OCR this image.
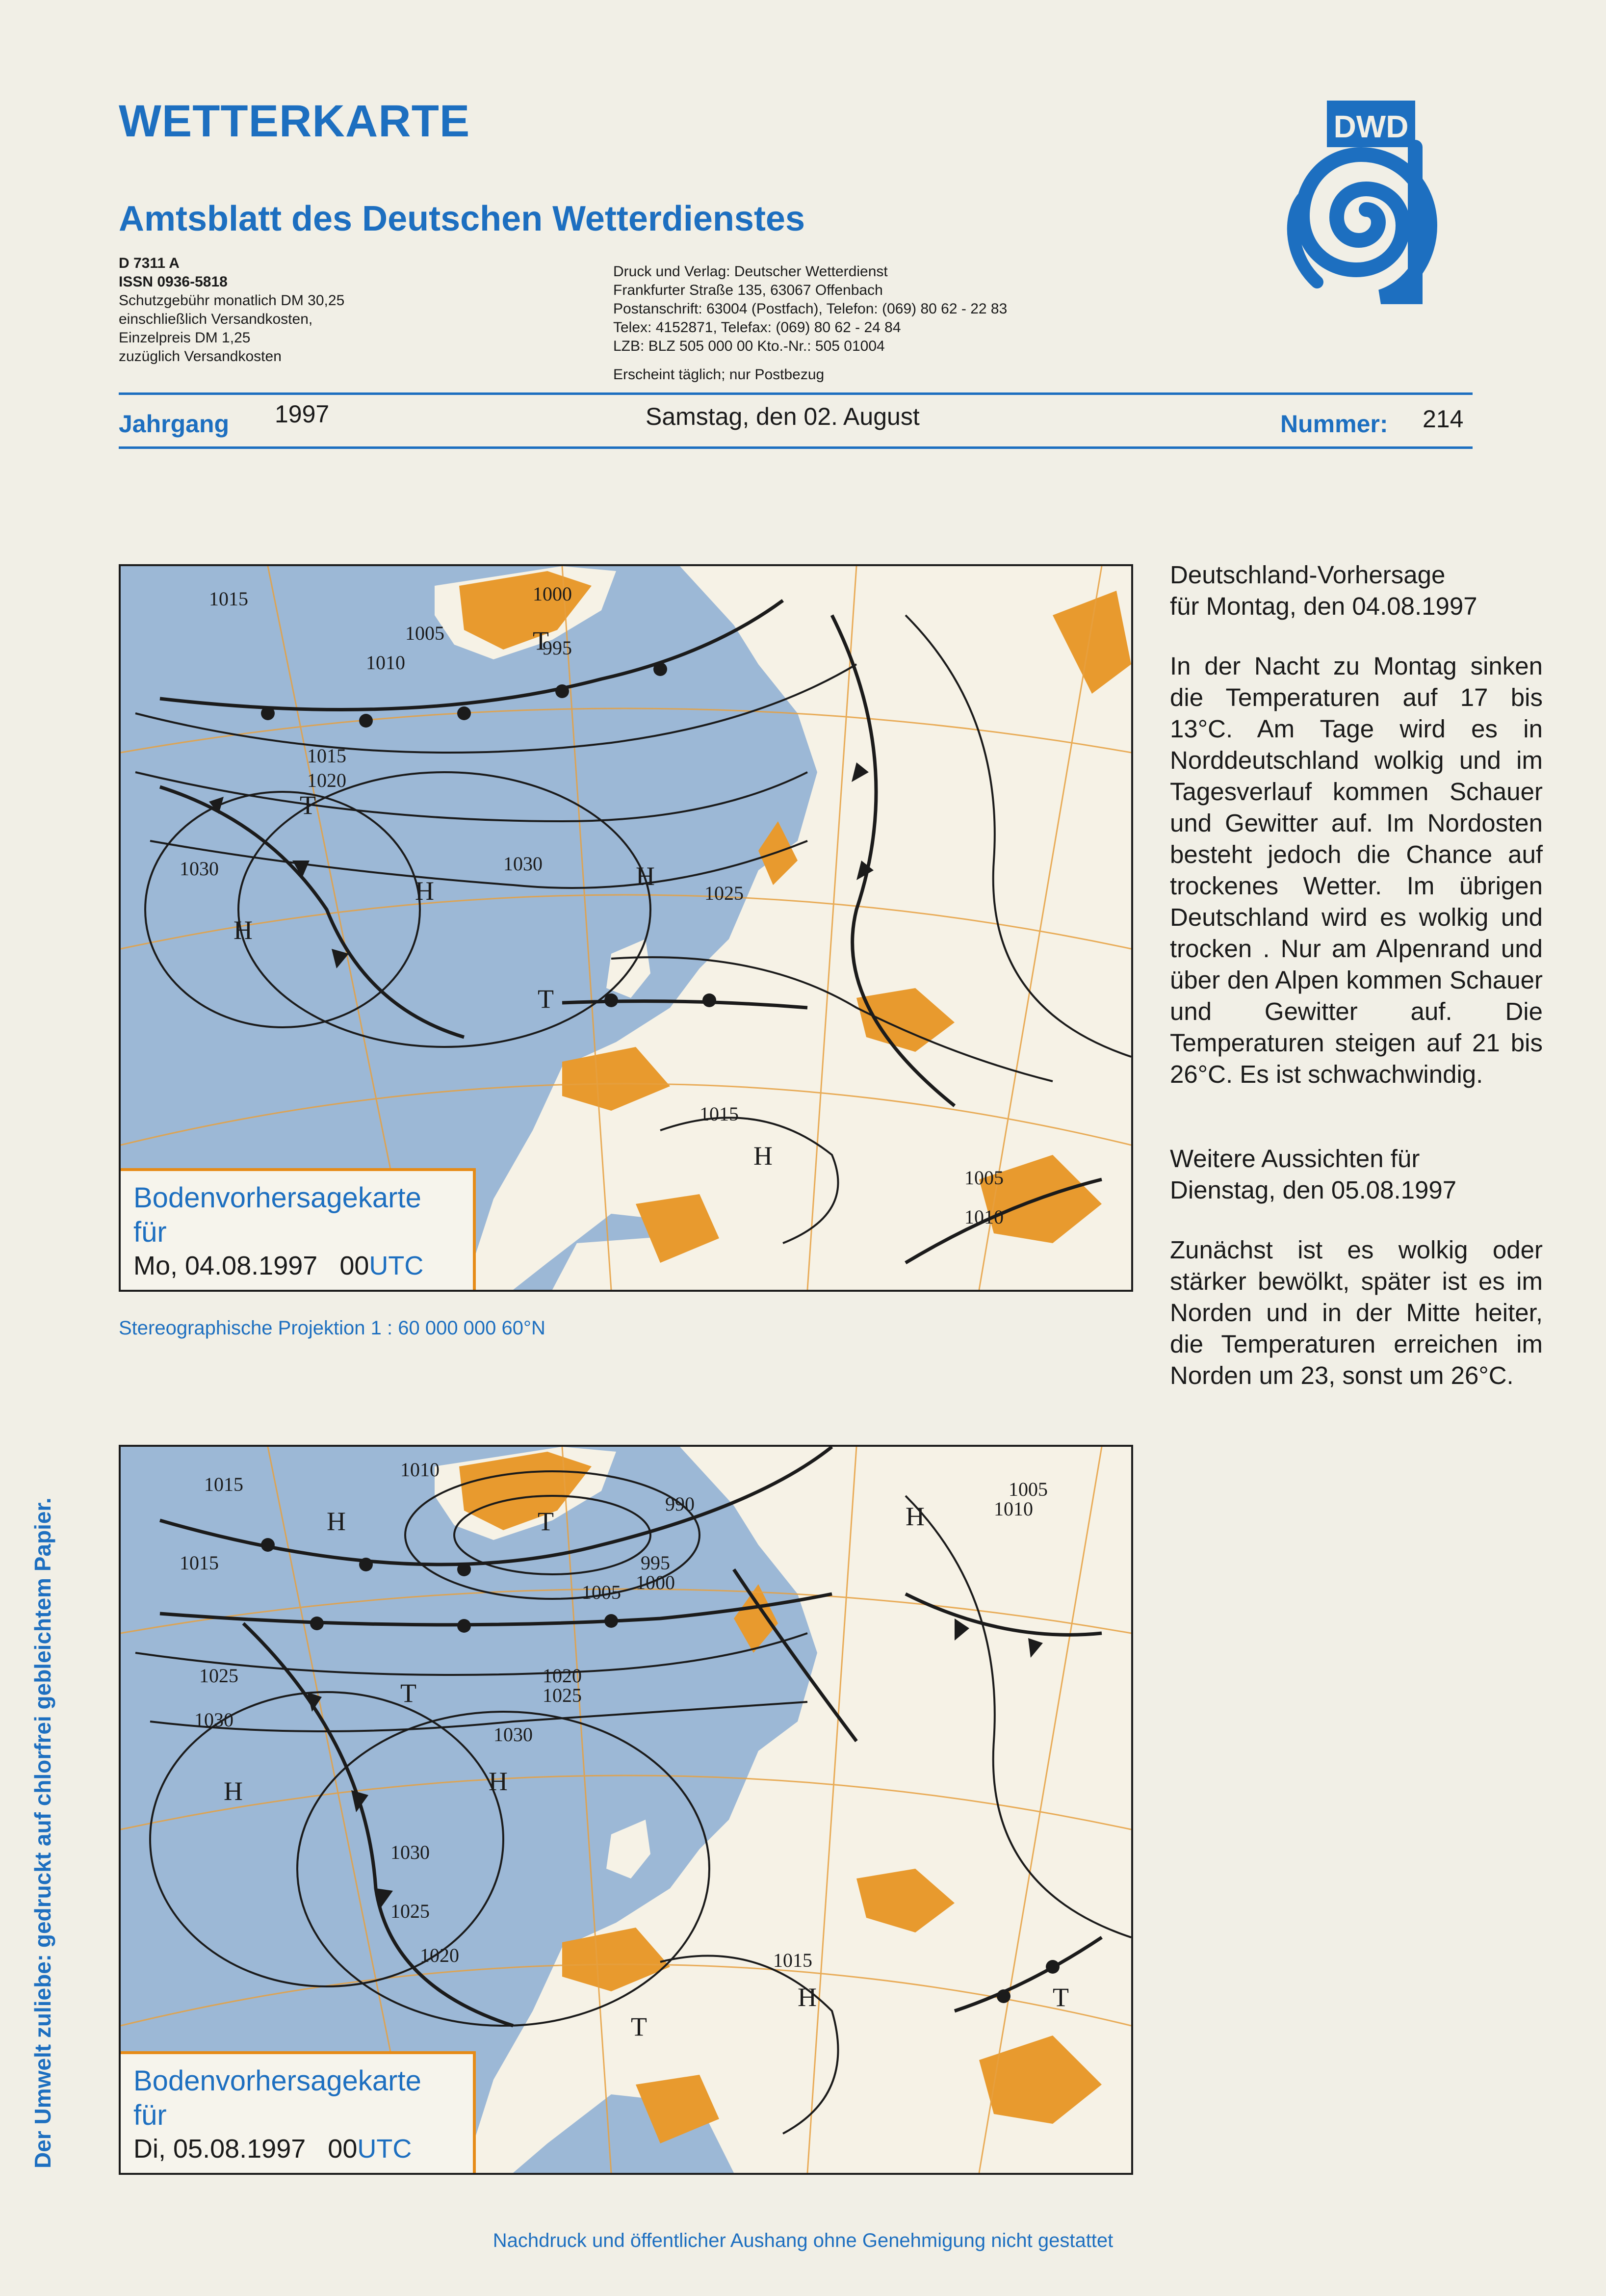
WETTERKARTE
Amtsblatt des Deutschen Wetterdienstes
D 7311 A
ISSN 0936-5818
Schutzgebühr monatlich DM 30,25
einschließlich Versandkosten,
Einzelpreis DM 1,25
zuzüglich Versandkosten
Druck und Verlag: Deutscher Wetterdienst
Frankfurter Straße 135, 63067 Offenbach
Postanschrift: 63004 (Postfach), Telefon: (069) 80 62 - 22 83
Telex: 4152871, Telefax: (069) 80 62 - 24 84
LZB: BLZ 505 000 00 Kto.-Nr.: 505 01004
Erscheint täglich; nur Postbezug
DWD
Jahrgang 1997	Samstag, den 02. August	Nummer: 214
1000
995
1005
1010
1015
1015
1020
1025
1030
1030
1015
1005
1010
H
H	H
H
T
T
T
Bodenvorhersagekarte für
Mo, 04.08.1997 00UTC
Stereographische Projektion 1 : 60 000 000 60°N
1010
990
995
1000
1005
1015
1015
1025
1030
1020
1025
1030
1030
1025
1020	1015
1005
1010
H
H	H
H
H
T
T
T
T
Bodenvorhersagekarte für
Di, 05.08.1997 00UTC

Deutschland-Vorhersage

für Montag, den 04.08.1997

In der Nacht zu Montag sinken die Temperaturen auf 17 bis 13°C. Am Tage wird es in Norddeutschland wolkig und im Tagesverlauf kommen Schauer und Gewitter auf. Im Nordosten besteht jedoch die Chance auf trockenes Wetter. Im übrigen Deutschland wird es wolkig und trocken . Nur am Alpenrand und über den Alpen kommen Schauer und Gewitter auf. Die Temperaturen steigen auf 21 bis 26°C. Es ist schwachwindig.

Weitere Aussichten für

Dienstag, den 05.08.1997

Zunächst ist es wolkig oder stärker bewölkt, später ist es im Norden und in der Mitte heiter, die Temperaturen erreichen im Norden um 23, sonst um 26°C.

Der Umwelt zuliebe: gedruckt auf chlorfrei gebleichtem Papier.
Nachdruck und öffentlicher Aushang ohne Genehmigung nicht gestattet
